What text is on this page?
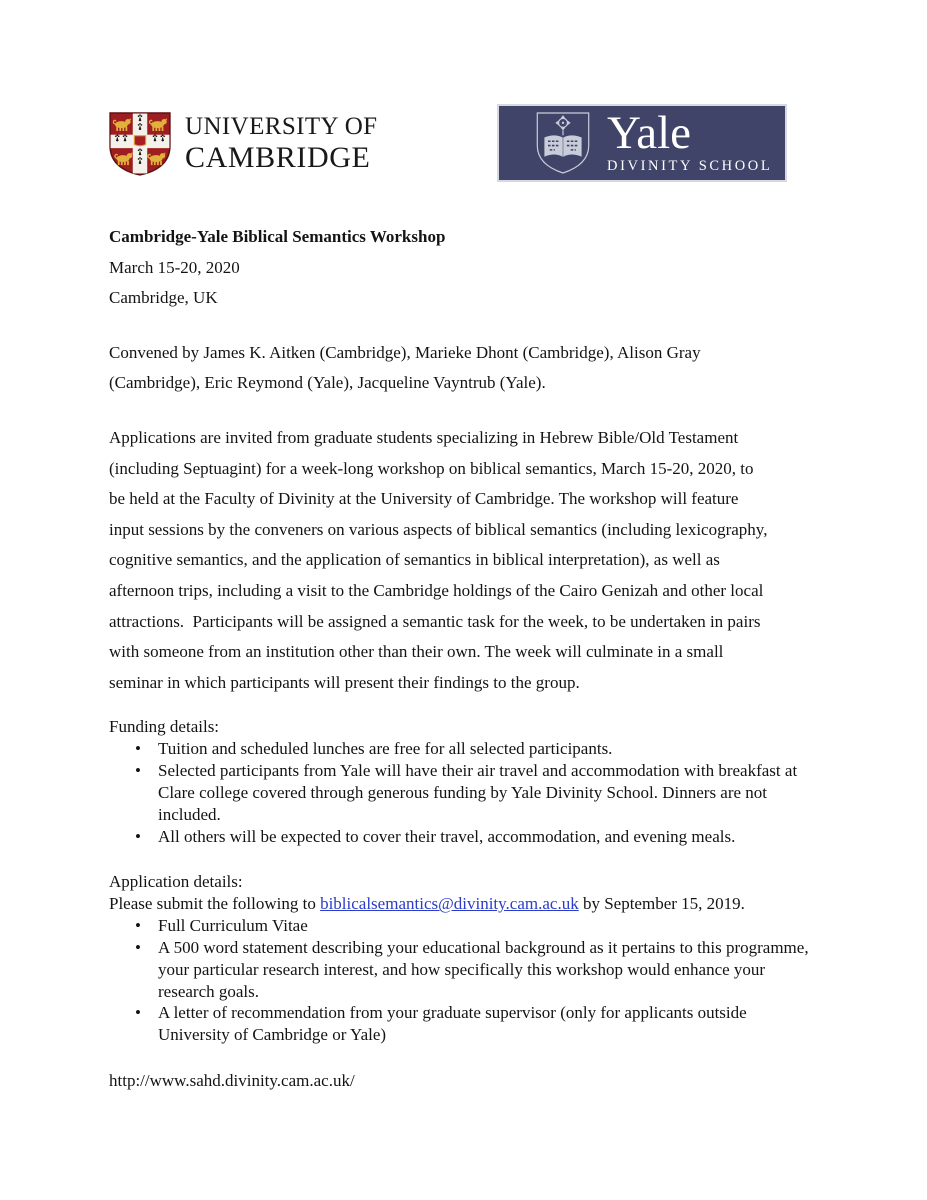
UNIVERSITY OF
CAMBRIDGE	Yale
DIVINITY SCHOOL
Cambridge-Yale Biblical Semantics Workshop
March 15-20, 2020
Cambridge, UK
Convened by James K. Aitken (Cambridge), Marieke Dhont (Cambridge), Alison Gray
(Cambridge), Eric Reymond (Yale), Jacqueline Vayntrub (Yale).
Applications are invited from graduate students specializing in Hebrew Bible/Old Testament
(including Septuagint) for a week-long workshop on biblical semantics, March 15-20, 2020, to
be held at the Faculty of Divinity at the University of Cambridge. The workshop will feature
input sessions by the conveners on various aspects of biblical semantics (including lexicography,
cognitive semantics, and the application of semantics in biblical interpretation), as well as
afternoon trips, including a visit to the Cambridge holdings of the Cairo Genizah and other local
attractions.  Participants will be assigned a semantic task for the week, to be undertaken in pairs
with someone from an institution other than their own. The week will culminate in a small
seminar in which participants will present their findings to the group.
Funding details:
• Tuition and scheduled lunches are free for all selected participants.
• Selected participants from Yale will have their air travel and accommodation with breakfast at Clare college covered through generous funding by Yale Divinity School. Dinners are not included.
• All others will be expected to cover their travel, accommodation, and evening meals.
Application details:
Please submit the following to biblicalsemantics@divinity.cam.ac.uk by September 15, 2019.
• Full Curriculum Vitae
• A 500 word statement describing your educational background as it pertains to this programme, your particular research interest, and how specifically this workshop would enhance your research goals.
• A letter of recommendation from your graduate supervisor (only for applicants outside University of Cambridge or Yale)
http://www.sahd.divinity.cam.ac.uk/
